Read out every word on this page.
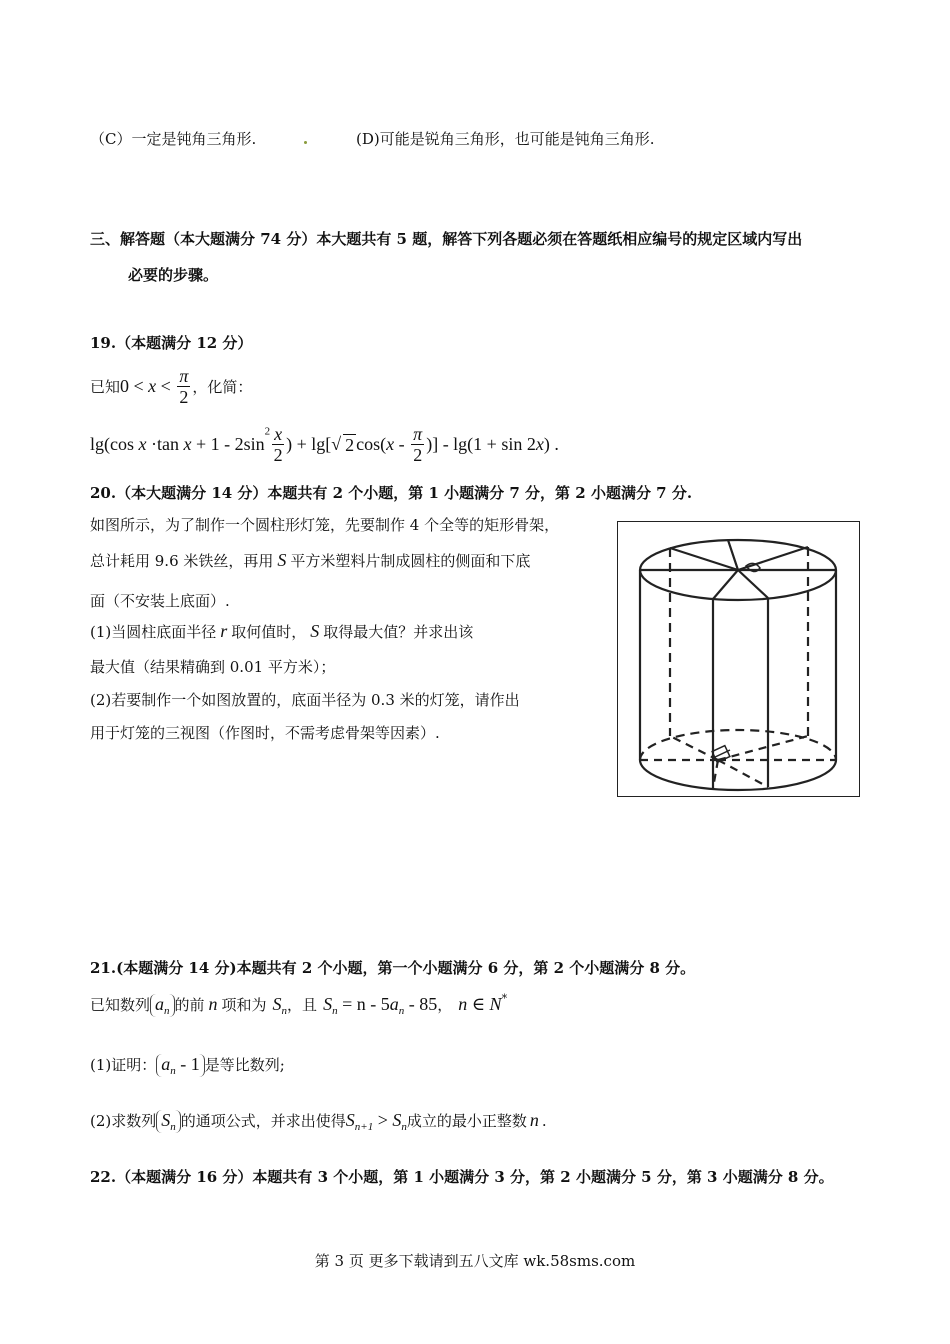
（C）一定是钝角三角形.	(D)可能是锐角三角形，也可能是钝角三角形.
三、解答题（本大题满分 74 分）本大题共有 5 题，解答下列各题必须在答题纸相应编号的规定区域内写出
必要的步骤。
19.（本题满分 12 分）
已知$0 < x < \frac{\pi}{2}$ ，化简：
lg(cos x ·tan $x + 1 - 2\sin^2 \frac{x}{2}$ ) + lg[√ 2 $\cos(x - \frac{\pi}{2}$ )] - lg(1 + sin 2x) .
20.（本大题满分 14 分）本题共有 2 个小题，第 1 小题满分 7 分，第 2 小题满分 7 分.
如图所示，为了制作一个圆柱形灯笼，先要制作 4 个全等的矩形骨架，
总计耗用 9.6 米铁丝，再用 S 平方米塑料片制成圆柱的侧面和下底
面（不安装上底面）.
(1)当圆柱底面半径 r 取何值时， S 取得最大值？并求出该
最大值（结果精确到 0.01 平方米）；
(2)若要制作一个如图放置的，底面半径为 0.3 米的灯笼，请作出
用于灯笼的三视图（作图时，不需考虑骨架等因素）.
21.(本题满分 14 分)本题共有 2 个小题，第一个小题满分 6 分，第 2 个小题满分 8 分。
已知数列 $a_n$ 的前 n 项和为 $S_n$，且 $S_n = n - 5a_n - 85$， n ∈ N*
(1)证明： $a_n - 1$ 是等比数列;
(2)求数列 $S_n$ 的通项公式，并求出使得$S_{n+1} > S_n$成立的最小正整数 n .
22.（本题满分 16 分）本题共有 3 个小题，第 1 小题满分 3 分，第 2 小题满分 5 分，第 3 小题满分 8 分。
第 3 页 更多下载请到五八文库 wk.58sms.com
